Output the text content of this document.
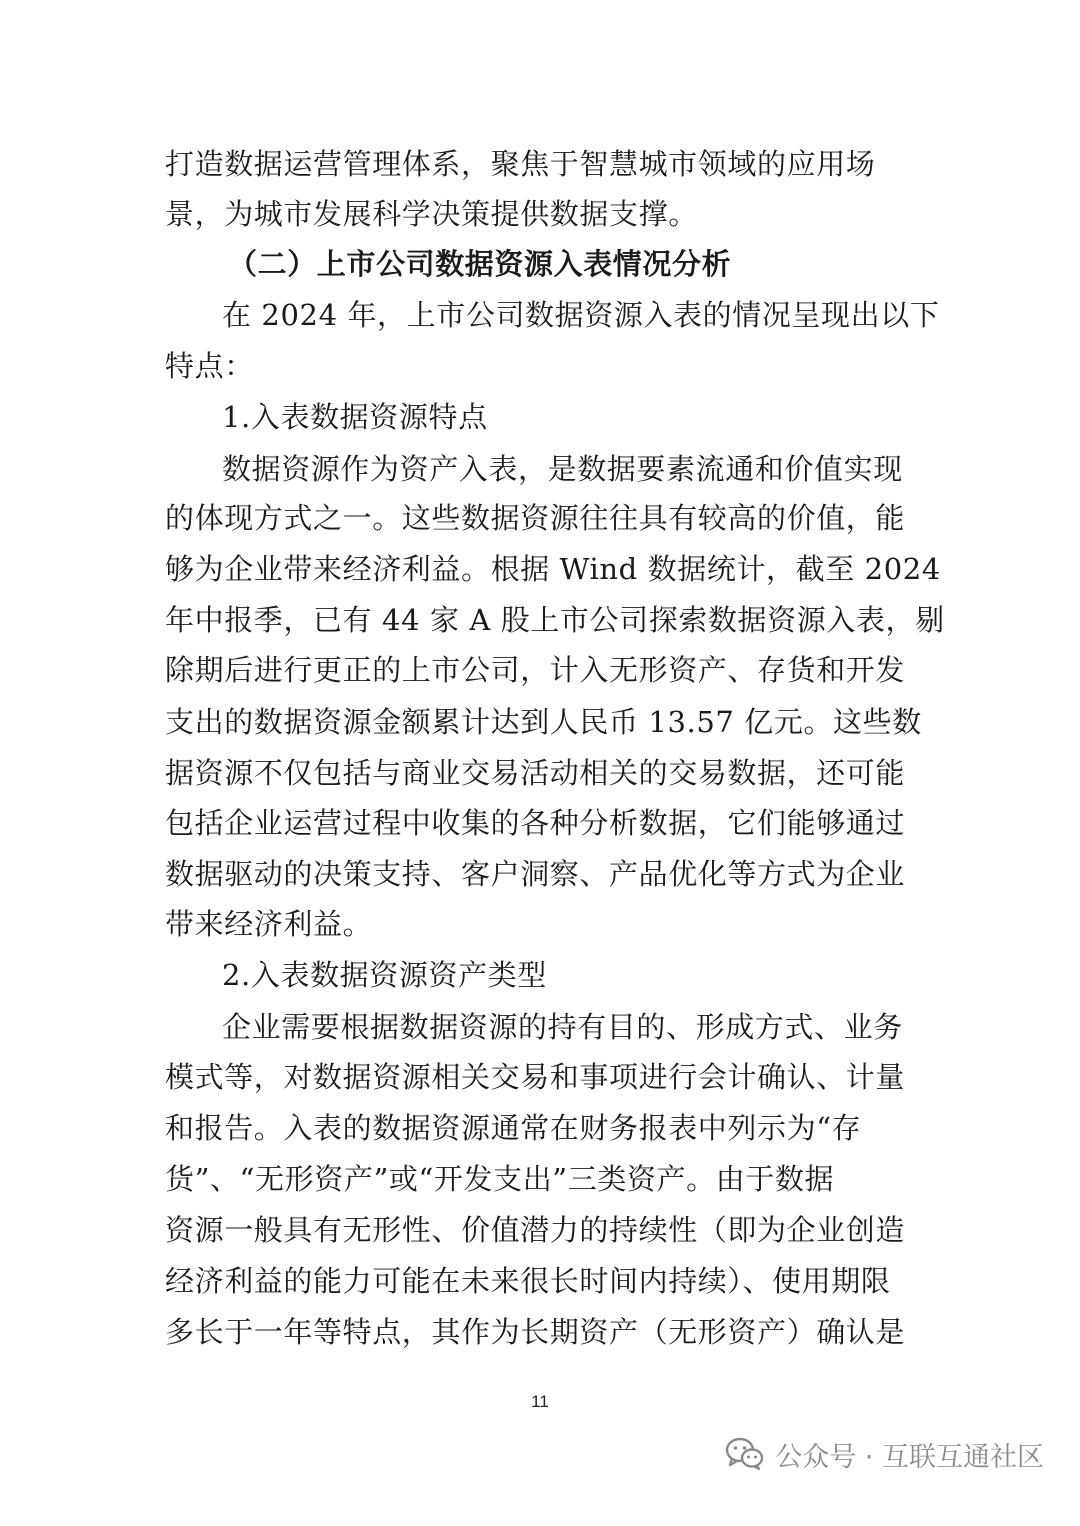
打造数据运营管理体系，聚焦于智慧城市领域的应用场
景，为城市发展科学决策提供数据支撑。
（二）上市公司数据资源入表情况分析
在 2024 年，上市公司数据资源入表的情况呈现出以下
特点：
1.入表数据资源特点
数据资源作为资产入表，是数据要素流通和价值实现
的体现方式之一。这些数据资源往往具有较高的价值，能
够为企业带来经济利益。根据 Wind 数据统计，截至 2024
年中报季，已有 44 家 A 股上市公司探索数据资源入表，剔
除期后进行更正的上市公司，计入无形资产、存货和开发
支出的数据资源金额累计达到人民币 13.57 亿元。这些数
据资源不仅包括与商业交易活动相关的交易数据，还可能
包括企业运营过程中收集的各种分析数据，它们能够通过
数据驱动的决策支持、客户洞察、产品优化等方式为企业
带来经济利益。
2.入表数据资源资产类型
企业需要根据数据资源的持有目的、形成方式、业务
模式等，对数据资源相关交易和事项进行会计确认、计量
和报告。入表的数据资源通常在财务报表中列示为“存
货”、“无形资产”或“开发支出”三类资产。由于数据
资源一般具有无形性、价值潜力的持续性（即为企业创造
经济利益的能力可能在未来很长时间内持续）、使用期限
多长于一年等特点，其作为长期资产（无形资产）确认是
11
公众号 · 互联互通社区
